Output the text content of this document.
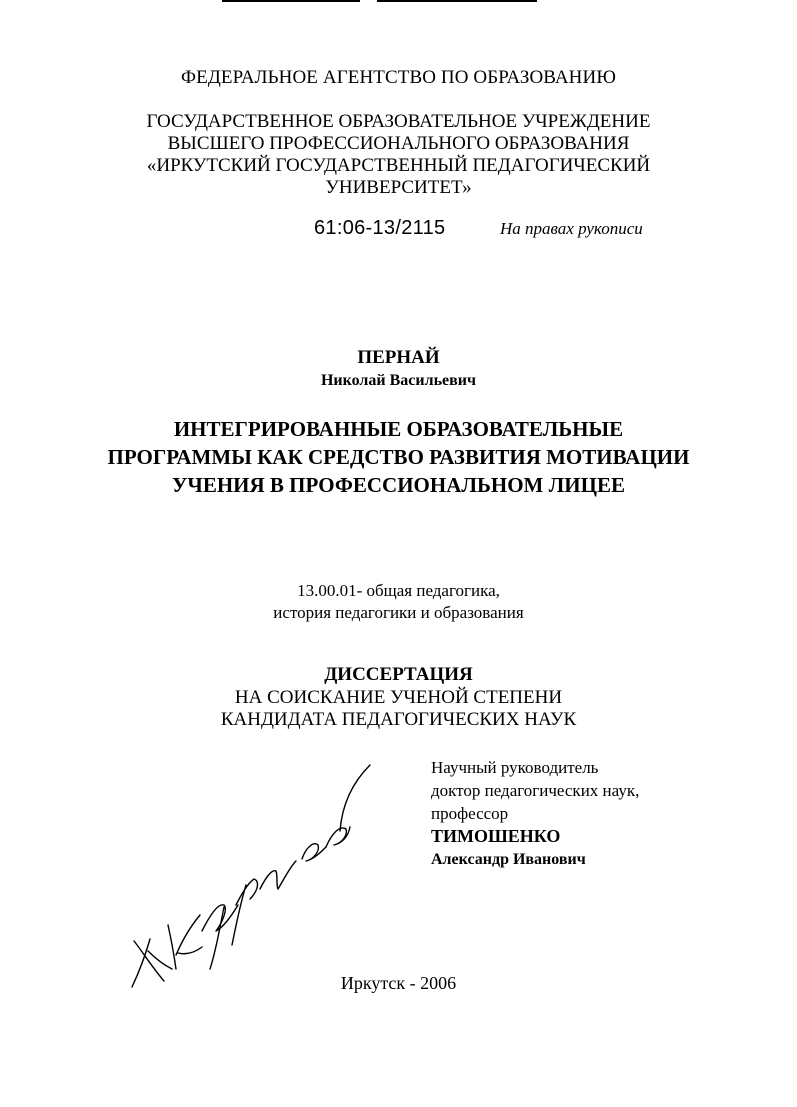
ФЕДЕРАЛЬНОЕ АГЕНТСТВО ПО ОБРАЗОВАНИЮ
ГОСУДАРСТВЕННОЕ ОБРАЗОВАТЕЛЬНОЕ УЧРЕЖДЕНИЕ
ВЫСШЕГО ПРОФЕССИОНАЛЬНОГО ОБРАЗОВАНИЯ
«ИРКУТСКИЙ ГОСУДАРСТВЕННЫЙ ПЕДАГОГИЧЕСКИЙ
УНИВЕРСИТЕТ»
61:06-13/2115	На правах рукописи
ПЕРНАЙ
Николай Васильевич
ИНТЕГРИРОВАННЫЕ ОБРАЗОВАТЕЛЬНЫЕ
ПРОГРАММЫ КАК СРЕДСТВО РАЗВИТИЯ МОТИВАЦИИ
УЧЕНИЯ В ПРОФЕССИОНАЛЬНОМ ЛИЦЕЕ
13.00.01- общая педагогика,
история педагогики и образования
ДИССЕРТАЦИЯ
НА СОИСКАНИЕ УЧЕНОЙ СТЕПЕНИ
КАНДИДАТА ПЕДАГОГИЧЕСКИХ НАУК
Научный руководитель
доктор педагогических наук,
профессор
ТИМОШЕНКО
Александр Иванович
Иркутск - 2006
